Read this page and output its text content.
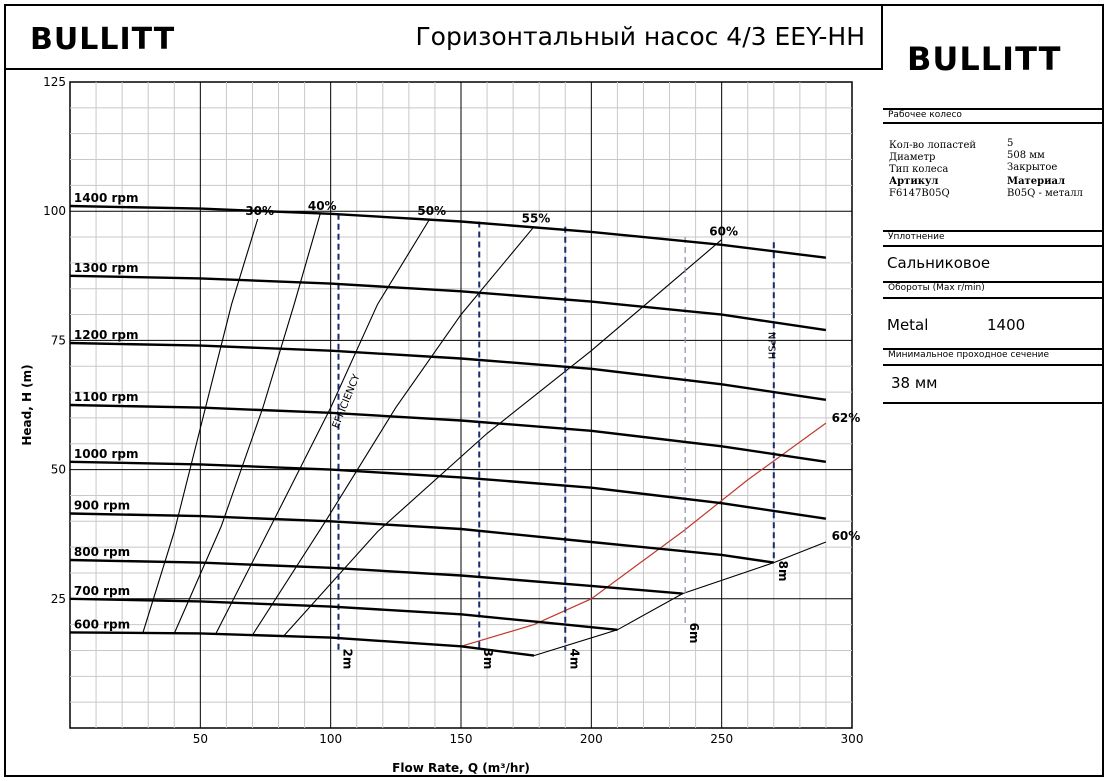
BULLITT	Горизонтальный насос 4/3 EEY-HH
50	100	150	200	250	300
25
50
75
100
125
Flow Rate, Q (m³/hr)
Head, H (m)
30%	40%	50%
55%
60%
60%
62%
2m	3m	4m
6m
8m
EFFICIENCY
NPSH
1400 rpm
1300 rpm
1200 rpm
1100 rpm
1000 rpm
900 rpm
800 rpm
700 rpm
600 rpm
BULLITT
Рабочее колесо
Кол-во лопастей	5
Диаметр	508 мм
Тип колеса	Закрытое
Артикул	Материал
F6147B05Q	B05Q - металл
Уплотнение
Сальниковое
Обороты (Max r/min)
Metal	1400
Минимальное проходное сечение
38 мм
